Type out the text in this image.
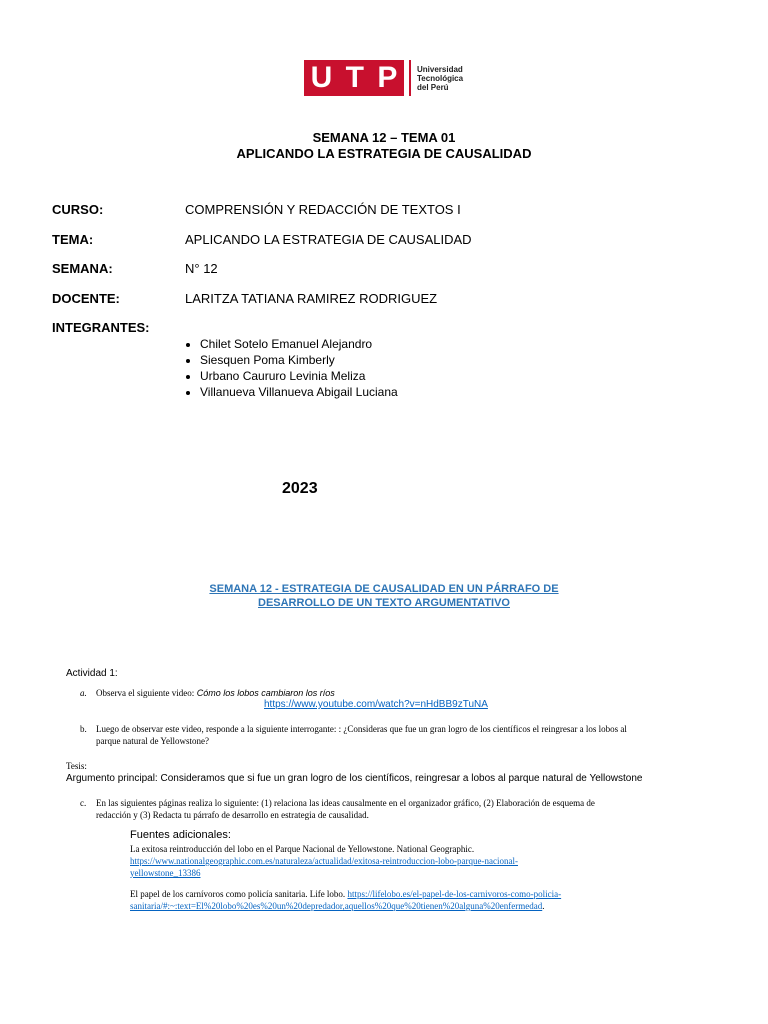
U T P Universidad
Tecnológica
del Perú
SEMANA 12 – TEMA 01
APLICANDO LA ESTRATEGIA DE CAUSALIDAD
CURSO:	COMPRENSIÓN Y REDACCIÓN DE TEXTOS I
TEMA:	APLICANDO LA ESTRATEGIA DE CAUSALIDAD
SEMANA:	N° 12
DOCENTE:	LARITZA TATIANA RAMIREZ RODRIGUEZ
INTEGRANTES:
• Chilet Sotelo Emanuel Alejandro
• Siesquen Poma Kimberly
• Urbano Caururo Levinia Meliza
• Villanueva Villanueva Abigail Luciana
2023
SEMANA 12 - ESTRATEGIA DE CAUSALIDAD EN UN PÁRRAFO DE
DESARROLLO DE UN TEXTO ARGUMENTATIVO
Actividad 1:
a. Observa el siguiente video: Cómo los lobos cambiaron los ríos
https://www.youtube.com/watch?v=nHdBB9zTuNA
b. Luego de observar este video, responde a la siguiente interrogante: : ¿Consideras que fue un gran logro de los científicos el reingresar a los lobos al
parque natural de Yellowstone?
Tesis:
Argumento principal: Consideramos que si fue un gran logro de los científicos, reingresar a lobos al parque natural de Yellowstone
c. En las siguientes páginas realiza lo siguiente: (1) relaciona las ideas causalmente en el organizador gráfico, (2) Elaboración de esquema de
redacción y (3) Redacta tu párrafo de desarrollo en estrategia de causalidad.
Fuentes adicionales:
La exitosa reintroducción del lobo en el Parque Nacional de Yellowstone. National Geographic.
https://www.nationalgeographic.com.es/naturaleza/actualidad/exitosa-reintroduccion-lobo-parque-nacional-
yellowstone_13386
El papel de los carnívoros como policía sanitaria. Life lobo. https://lifelobo.es/el-papel-de-los-carnivoros-como-policia-
sanitaria/#:~:text=El%20lobo%20es%20un%20depredador,aquellos%20que%20tienen%20alguna%20enfermedad.
